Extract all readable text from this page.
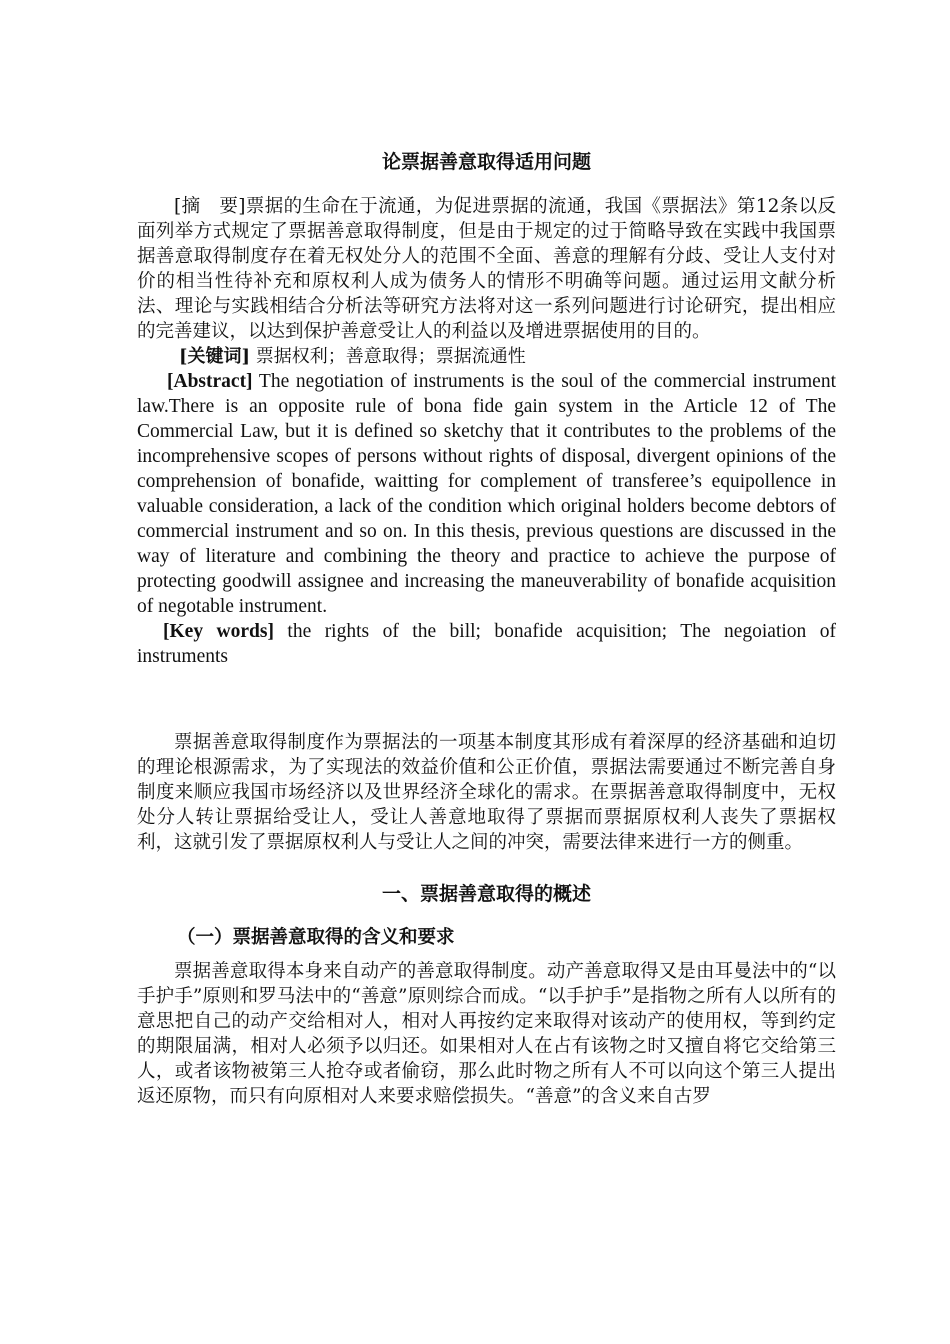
论票据善意取得适用问题

[摘　要]票据的生命在于流通，为促进票据的流通，我国《票据法》第12条以反面列举方式规定了票据善意取得制度，但是由于规定的过于简略导致在实践中我国票据善意取得制度存在着无权处分人的范围不全面、善意的理解有分歧、受让人支付对价的相当性待补充和原权利人成为债务人的情形不明确等问题。通过运用文献分析法、理论与实践相结合分析法等研究方法将对这一系列问题进行讨论研究，提出相应的完善建议，以达到保护善意受让人的利益以及增进票据使用的目的。

[关键词] 票据权利；善意取得；票据流通性

[Abstract] The negotiation of instruments is the soul of the commercial instrument law.There is an opposite rule of bona fide gain system in the Article 12 of The Commercial Law, but it is defined so sketchy that it contributes to the problems of the incomprehensive scopes of persons without rights of disposal, divergent opinions of the comprehension of bonafide, waitting for complement of transferee’s equipollence in valuable consideration, a lack of the condition which original holders become debtors of commercial instrument and so on. In this thesis, previous questions are discussed in the way of literature and combining the theory and practice to achieve the purpose of protecting goodwill assignee and increasing the maneuverability of bonafide acquisition of negotable instrument.

[Key words] the rights of the bill; bonafide acquisition; The negoiation of instruments

票据善意取得制度作为票据法的一项基本制度其形成有着深厚的经济基础和迫切的理论根源需求，为了实现法的效益价值和公正价值，票据法需要通过不断完善自身制度来顺应我国市场经济以及世界经济全球化的需求。在票据善意取得制度中，无权处分人转让票据给受让人，受让人善意地取得了票据而票据原权利人丧失了票据权利，这就引发了票据原权利人与受让人之间的冲突，需要法律来进行一方的侧重。

一、票据善意取得的概述
（一）票据善意取得的含义和要求

票据善意取得本身来自动产的善意取得制度。动产善意取得又是由耳曼法中的“以手护手”原则和罗马法中的“善意”原则综合而成。“以手护手”是指物之所有人以所有的意思把自己的动产交给相对人，相对人再按约定来取得对该动产的使用权，等到约定的期限届满，相对人必须予以归还。如果相对人在占有该物之时又擅自将它交给第三人，或者该物被第三人抢夺或者偷窃，那么此时物之所有人不可以向这个第三人提出返还原物，而只有向原相对人来要求赔偿损失。“善意”的含义来自古罗
